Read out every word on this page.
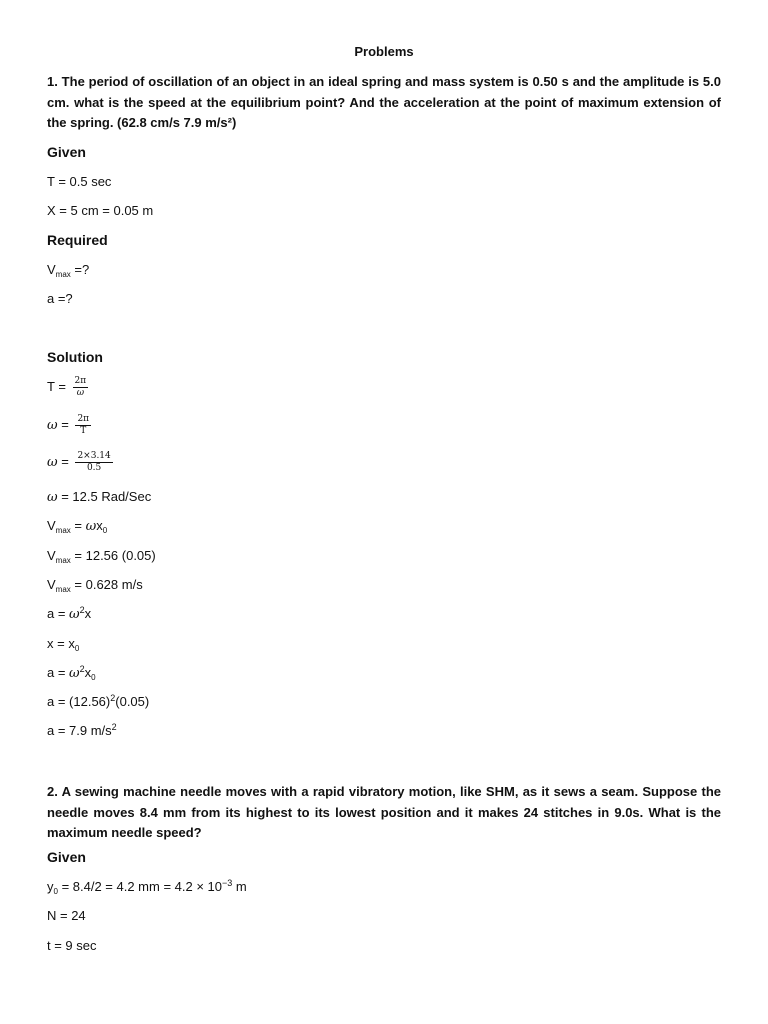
Problems
1. The period of oscillation of an object in an ideal spring and mass system is 0.50 s and the amplitude is 5.0 cm. what is the speed at the equilibrium point? And the acceleration at the point of maximum extension of the spring. (62.8 cm/s 7.9 m/s²)
Given
T = 0.5 sec
X = 5 cm = 0.05 m
Required
$V_{max}$ =?
a =?
Solution
$T = \frac{2\pi}{\omega}$
$\omega = \frac{2\pi}{T}$
$\omega = \frac{2\times 3.14}{0.5}$
ω = 12.5 Rad/Sec
$V_{max} = \omega x_0$
$V_{max} = 12.56$ (0.05)
$V_{max} = 0.628$ m/s
$a = \omega^2x$
$x = x_0$
$a = \omega^2x_0$
$a = (12.56)^2(0.05)$
a = 7.9 $m/s^2$
2. A sewing machine needle moves with a rapid vibratory motion, like SHM, as it sews a seam. Suppose the needle moves 8.4 mm from its highest to its lowest position and it makes 24 stitches in 9.0s. What is the maximum needle speed?
Given
$y_0 = 8.4/2 = 4.2$ mm = $4.2 \times 10^{-3}$ m
N = 24
t = 9 sec
